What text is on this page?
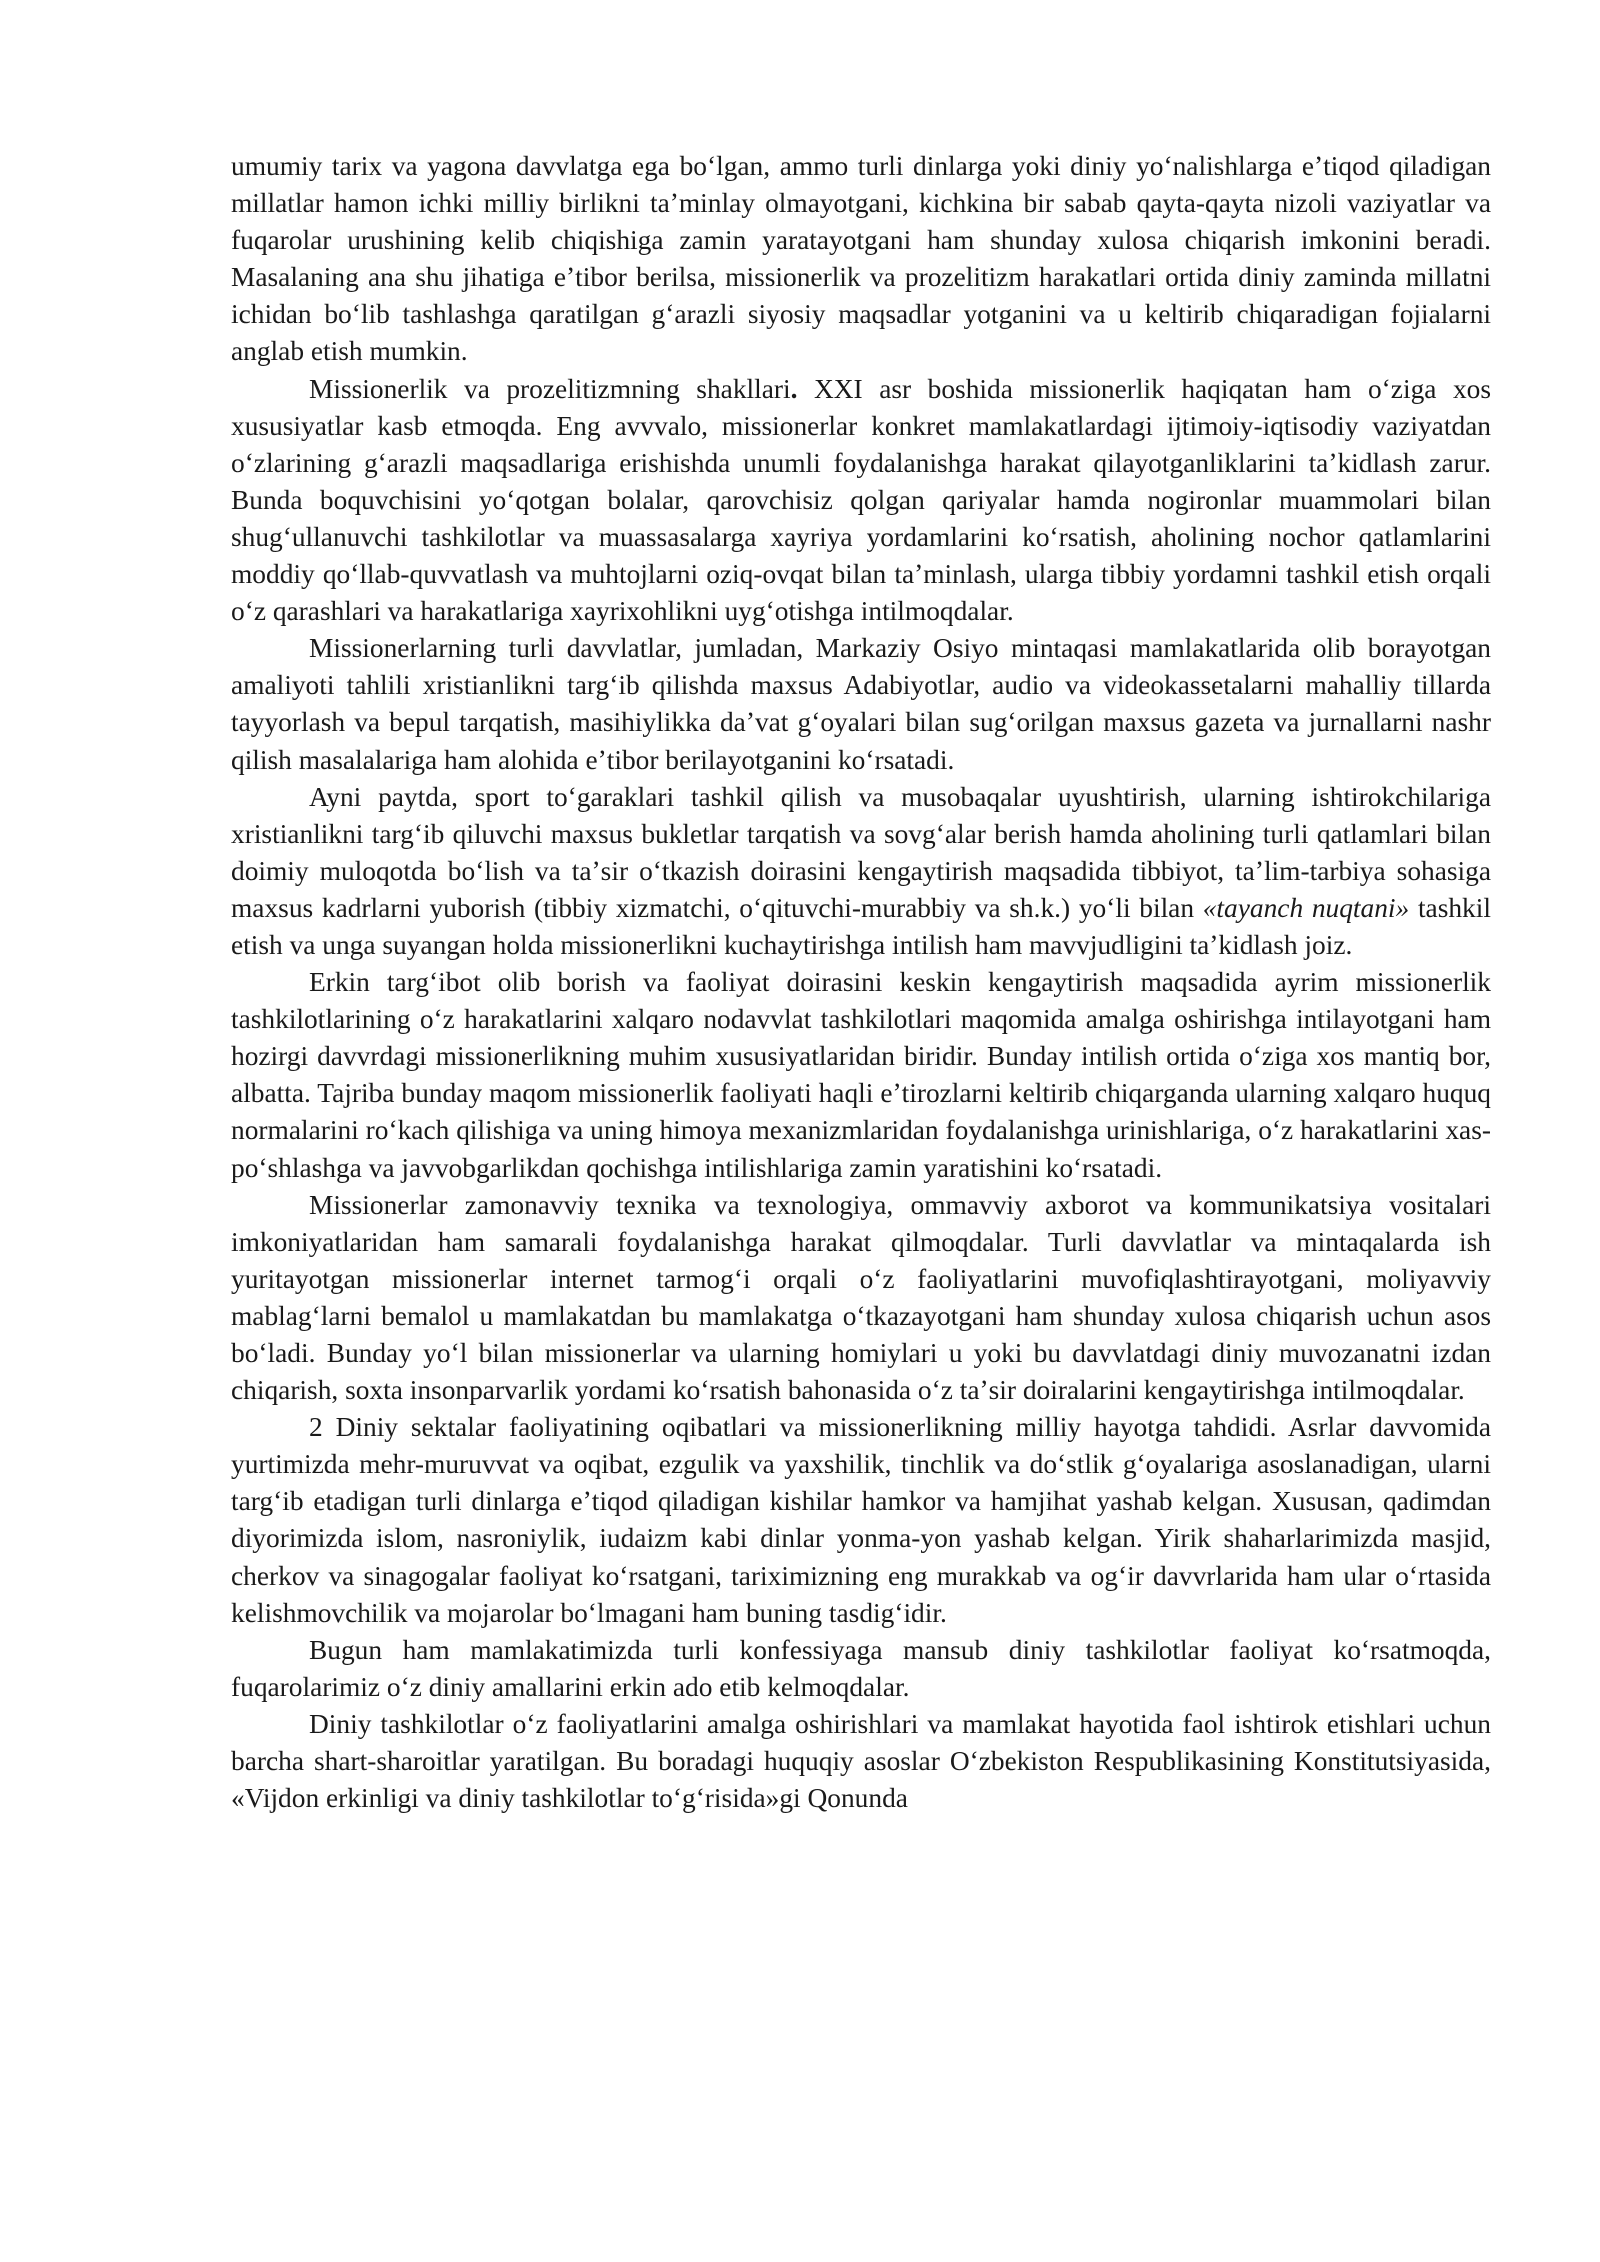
umumiy tarix va yagona davvlatga ega boʻlgan, ammo turli dinlarga yoki diniy yoʻnalishlarga eʼtiqod qiladigan millatlar hamon ichki milliy birlikni taʼminlay olmayotgani, kichkina bir sabab qayta-qayta nizoli vaziyatlar va fuqarolar urushining kelib chiqishiga zamin yaratayotgani ham shunday xulosa chiqarish imkonini beradi. Masalaning ana shu jihatiga eʼtibor berilsa, missionerlik va prozelitizm harakatlari ortida diniy zaminda millatni ichidan boʻlib tashlashga qaratilgan gʻarazli siyosiy maqsadlar yotganini va u keltirib chiqaradigan fojialarni anglab etish mumkin.

Missionerlik va prozelitizmning shakllari. XXI asr boshida missionerlik haqiqatan ham oʻziga xos xususiyatlar kasb etmoqda. Eng avvvalo, missionerlar konkret mamlakatlardagi ijtimoiy-iqtisodiy vaziyatdan oʻzlarining gʻarazli maqsadlariga erishishda unumli foydalanishga harakat qilayotganliklarini taʼkidlash zarur. Bunda boquvchisini yoʻqotgan bolalar, qarovchisiz qolgan qariyalar hamda nogironlar muammolari bilan shugʻullanuvchi tashkilotlar va muassasalarga xayriya yordamlarini koʻrsatish, aholining nochor qatlamlarini moddiy qoʻllab-quvvatlash va muhtojlarni oziq-ovqat bilan taʼminlash, ularga tibbiy yordamni tashkil etish orqali oʻz qarashlari va harakatlariga xayrixohlikni uygʻotishga intilmoqdalar.

Missionerlarning turli davvlatlar, jumladan, Markaziy Osiyo mintaqasi mamlakatlarida olib borayotgan amaliyoti tahlili xristianlikni targʻib qilishda maxsus Adabiyotlar, audio va videokassetalarni mahalliy tillarda tayyorlash va bepul tarqatish, masihiylikka daʼvat gʻoyalari bilan sugʻorilgan maxsus gazeta va jurnallarni nashr qilish masalalariga ham alohida eʼtibor berilayotganini koʻrsatadi.

Ayni paytda, sport toʻgaraklari tashkil qilish va musobaqalar uyushtirish, ularning ishtirokchilariga xristianlikni targʻib qiluvchi maxsus bukletlar tarqatish va sovgʻalar berish hamda aholining turli qatlamlari bilan doimiy muloqotda boʻlish va taʼsir oʻtkazish doirasini kengaytirish maqsadida tibbiyot, taʼlim-tarbiya sohasiga maxsus kadrlarni yuborish (tibbiy xizmatchi, oʻqituvchi-murabbiy va sh.k.) yoʻli bilan «tayanch nuqtani» tashkil etish va unga suyangan holda missionerlikni kuchaytirishga intilish ham mavvjudligini taʼkidlash joiz.

Erkin targʻibot olib borish va faoliyat doirasini keskin kengaytirish maqsadida ayrim missionerlik tashkilotlarining oʻz harakatlarini xalqaro nodavvlat tashkilotlari maqomida amalga oshirishga intilayotgani ham hozirgi davvrdagi missionerlikning muhim xususiyatlaridan biridir. Bunday intilish ortida oʻziga xos mantiq bor, albatta. Tajriba bunday maqom missionerlik faoliyati haqli eʼtirozlarni keltirib chiqarganda ularning xalqaro huquq normalarini roʻkach qilishiga va uning himoya mexanizmlaridan foydalanishga urinishlariga, oʻz harakatlarini xas-poʻshlashga va javvobgarlikdan qochishga intilishlariga zamin yaratishini koʻrsatadi.

Missionerlar zamonavviy texnika va texnologiya, ommavviy axborot va kommunikatsiya vositalari imkoniyatlaridan ham samarali foydalanishga harakat qilmoqdalar. Turli davvlatlar va mintaqalarda ish yuritayotgan missionerlar internet tarmogʻi orqali oʻz faoliyatlarini muvofiqlashtirayotgani, moliyavviy mablagʻlarni bemalol u mamlakatdan bu mamlakatga oʻtkazayotgani ham shunday xulosa chiqarish uchun asos boʻladi. Bunday yoʻl bilan missionerlar va ularning homiylari u yoki bu davvlatdagi diniy muvozanatni izdan chiqarish, soxta insonparvarlik yordami koʻrsatish bahonasida oʻz taʼsir doiralarini kengaytirishga intilmoqdalar.

2 Diniy sektalar faoliyatining oqibatlari va missionerlikning milliy hayotga tahdidi. Asrlar davvomida yurtimizda mehr-muruvvat va oqibat, ezgulik va yaxshilik, tinchlik va doʻstlik gʻoyalariga asoslanadigan, ularni targʻib etadigan turli dinlarga eʼtiqod qiladigan kishilar hamkor va hamjihat yashab kelgan. Xususan, qadimdan diyorimizda islom, nasroniylik, iudaizm kabi dinlar yonma-yon yashab kelgan. Yirik shaharlarimizda masjid, cherkov va sinagogalar faoliyat koʻrsatgani, tariximizning eng murakkab va ogʻir davvrlarida ham ular oʻrtasida kelishmovchilik va mojarolar boʻlmagani ham buning tasdigʻidir.

Bugun ham mamlakatimizda turli konfessiyaga mansub diniy tashkilotlar faoliyat koʻrsatmoqda, fuqarolarimiz oʻz diniy amallarini erkin ado etib kelmoqdalar.

Diniy tashkilotlar oʻz faoliyatlarini amalga oshirishlari va mamlakat hayotida faol ishtirok etishlari uchun barcha shart-sharoitlar yaratilgan. Bu boradagi huquqiy asoslar Oʻzbekiston Respublikasining Konstitutsiyasida, «Vijdon erkinligi va diniy tashkilotlar toʻgʻrisida»gi Qonunda
